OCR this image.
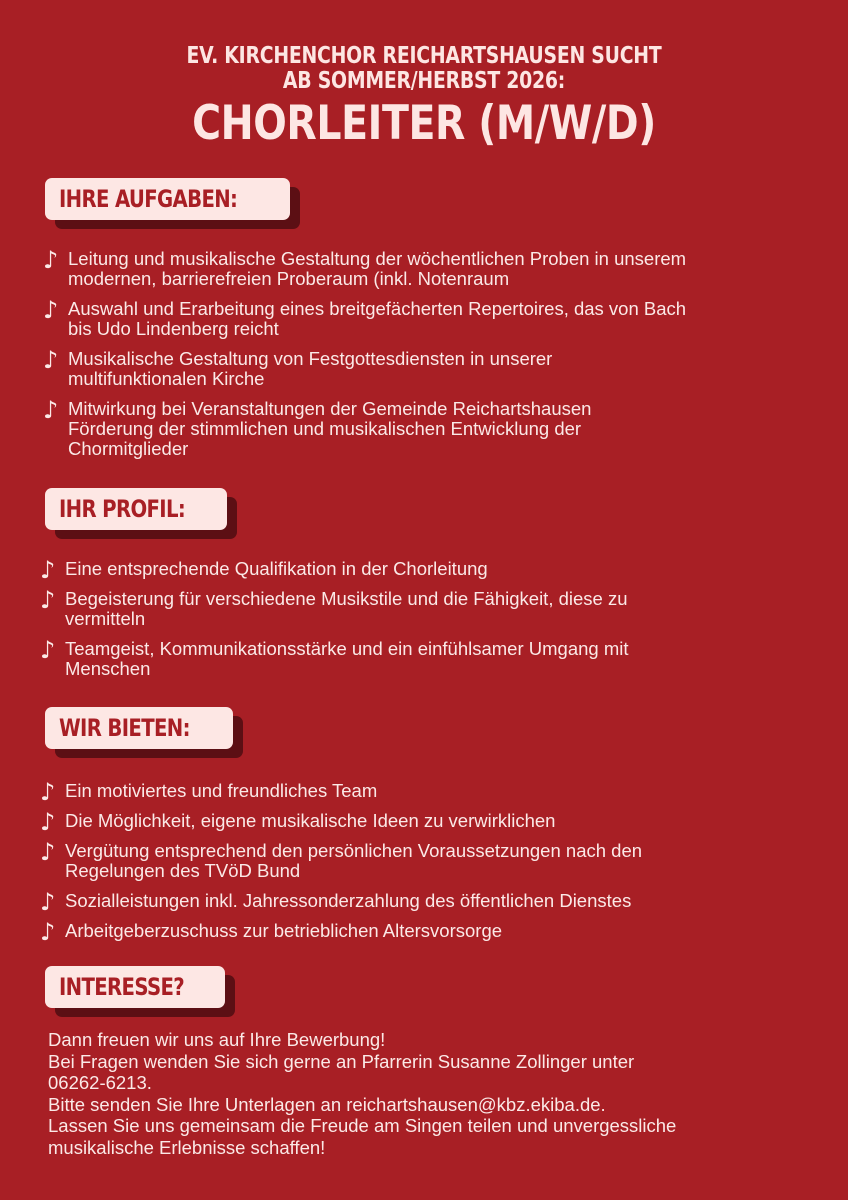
EV. KIRCHENCHOR REICHARTSHAUSEN SUCHT
AB SOMMER/HERBST 2026:
CHORLEITER (M/W/D)
IHRE AUFGABEN:
♪ Leitung und musikalische Gestaltung der wöchentlichen Proben in unserem
modernen, barrierefreien Proberaum (inkl. Notenraum
♪ Auswahl und Erarbeitung eines breitgefächerten Repertoires, das von Bach
bis Udo Lindenberg reicht
♪ Musikalische Gestaltung von Festgottesdiensten in unserer
multifunktionalen Kirche
♪ Mitwirkung bei Veranstaltungen der Gemeinde Reichartshausen
Förderung der stimmlichen und musikalischen Entwicklung der
Chormitglieder
IHR PROFIL:
♪ Eine entsprechende Qualifikation in der Chorleitung
♪ Begeisterung für verschiedene Musikstile und die Fähigkeit, diese zu
vermitteln
♪ Teamgeist, Kommunikationsstärke und ein einfühlsamer Umgang mit
Menschen
WIR BIETEN:
♪ Ein motiviertes und freundliches Team
♪ Die Möglichkeit, eigene musikalische Ideen zu verwirklichen
♪ Vergütung entsprechend den persönlichen Voraussetzungen nach den
Regelungen des TVöD Bund
♪ Sozialleistungen inkl. Jahressonderzahlung des öffentlichen Dienstes
♪ Arbeitgeberzuschuss zur betrieblichen Altersvorsorge
INTERESSE?

Dann freuen wir uns auf Ihre Bewerbung!

Bei Fragen wenden Sie sich gerne an Pfarrerin Susanne Zollinger unter

06262-6213.

Bitte senden Sie Ihre Unterlagen an reichartshausen@kbz.ekiba.de.

Lassen Sie uns gemeinsam die Freude am Singen teilen und unvergessliche

musikalische Erlebnisse schaffen!
